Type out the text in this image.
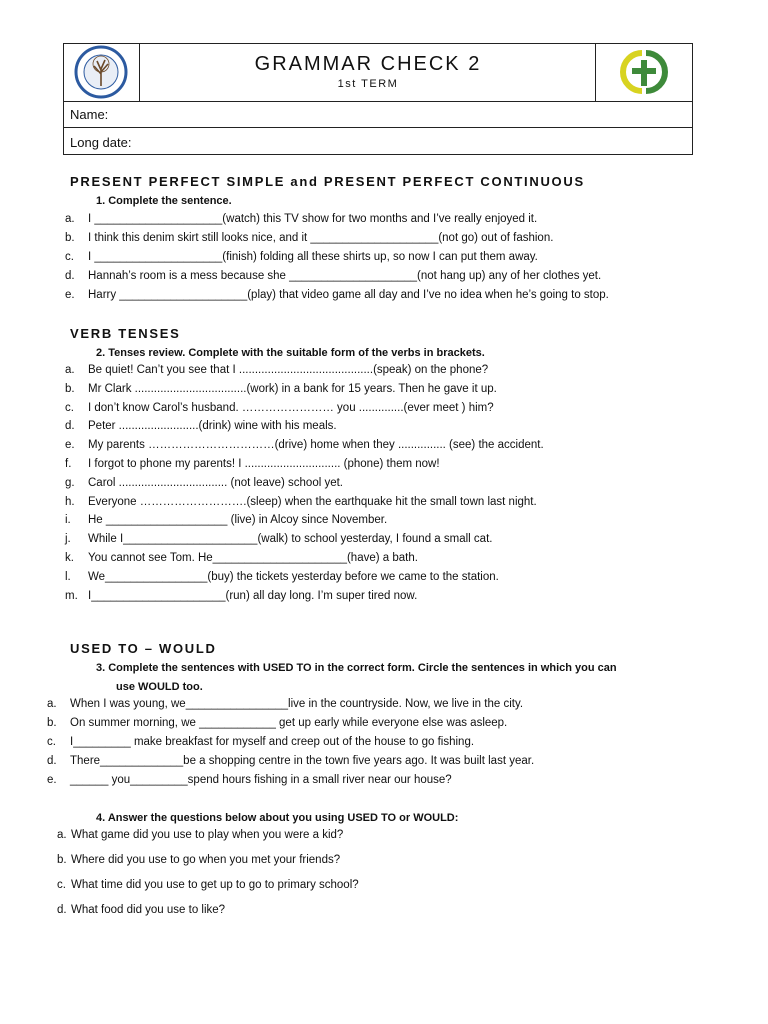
GRAMMAR CHECK 2
1st TERM
Name:
Long date:
PRESENT PERFECT SIMPLE and PRESENT PERFECT CONTINUOUS
1. Complete the sentence.
a. I ____________________(watch) this TV show for two months and I’ve really enjoyed it.
b. I think this denim skirt still looks nice, and it ____________________(not go) out of fashion.
c. I ____________________(finish) folding all these shirts up, so now I can put them away.
d. Hannah’s room is a mess because she ____________________(not hang up) any of her clothes yet.
e. Harry ____________________(play) that video game all day and I’ve no idea when he’s going to stop.
VERB TENSES
2. Tenses review. Complete with the suitable form of the verbs in brackets.
a. Be quiet! Can’t you see that I ..........................................(speak) on the phone?
b. Mr Clark ...................................(work) in a bank for 15 years. Then he gave it up.
c. I don’t know Carol’s husband. …………………… you ..............(ever meet ) him?
d. Peter .........................(drink) wine with his meals.
e. My parents ……………………………(drive) home when they ............... (see) the accident.
f. I forgot to phone my parents! I .............................. (phone) them now!
g. Carol .................................. (not leave) school yet.
h. Everyone ……………………….(sleep) when the earthquake hit the small town last night.
i. He ___________________ (live) in Alcoy since November.
j. While I_____________________(walk) to school yesterday, I found a small cat.
k. You cannot see Tom. He_____________________(have) a bath.
l. We________________(buy) the tickets yesterday before we came to the station.
m. I_____________________(run) all day long. I’m super tired now.
USED TO – WOULD
3. Complete the sentences with USED TO in the correct form. Circle the sentences in which you can
use WOULD too.
a. When I was young, we________________live in the countryside. Now, we live in the city.
b. On summer morning, we ____________ get up early while everyone else was asleep.
c. I_________ make breakfast for myself and creep out of the house to go fishing.
d. There_____________be a shopping centre in the town five years ago. It was built last year.
e. ______ you_________spend hours fishing in a small river near our house?
4. Answer the questions below about you using USED TO or WOULD:
a. What game did you use to play when you were a kid?
b. Where did you use to go when you met your friends?
c. What time did you use to get up to go to primary school?
d. What food did you use to like?
